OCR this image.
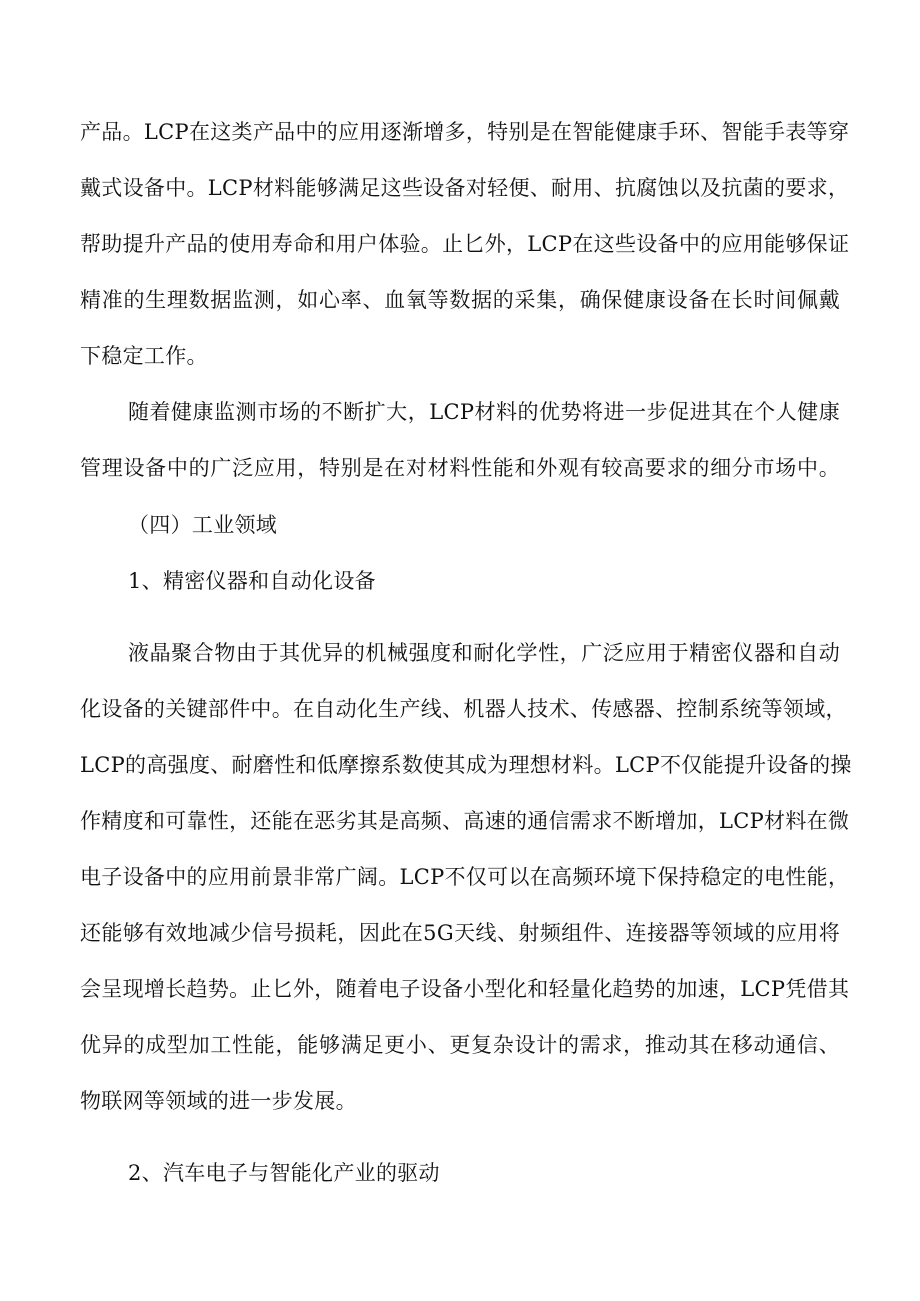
产品。LCP在这类产品中的应用逐渐增多，特别是在智能健康手环、智能手表等穿
戴式设备中。LCP材料能够满足这些设备对轻便、耐用、抗腐蚀以及抗菌的要求，
帮助提升产品的使用寿命和用户体验。止匕外，LCP在这些设备中的应用能够保证
精准的生理数据监测，如心率、血氧等数据的采集，确保健康设备在长时间佩戴
下稳定工作。
随着健康监测市场的不断扩大，LCP材料的优势将进一步促进其在个人健康
管理设备中的广泛应用，特别是在对材料性能和外观有较高要求的细分市场中。
（四）工业领域
1、精密仪器和自动化设备
液晶聚合物由于其优异的机械强度和耐化学性，广泛应用于精密仪器和自动
化设备的关键部件中。在自动化生产线、机器人技术、传感器、控制系统等领域，
LCP的高强度、耐磨性和低摩擦系数使其成为理想材料。LCP不仅能提升设备的操
作精度和可靠性，还能在恶劣其是高频、高速的通信需求不断增加，LCP材料在微
电子设备中的应用前景非常广阔。LCP不仅可以在高频环境下保持稳定的电性能，
还能够有效地减少信号损耗，因此在5G天线、射频组件、连接器等领域的应用将
会呈现增长趋势。止匕外，随着电子设备小型化和轻量化趋势的加速，LCP凭借其
优异的成型加工性能，能够满足更小、更复杂设计的需求，推动其在移动通信、
物联网等领域的进一步发展。
2、汽车电子与智能化产业的驱动
